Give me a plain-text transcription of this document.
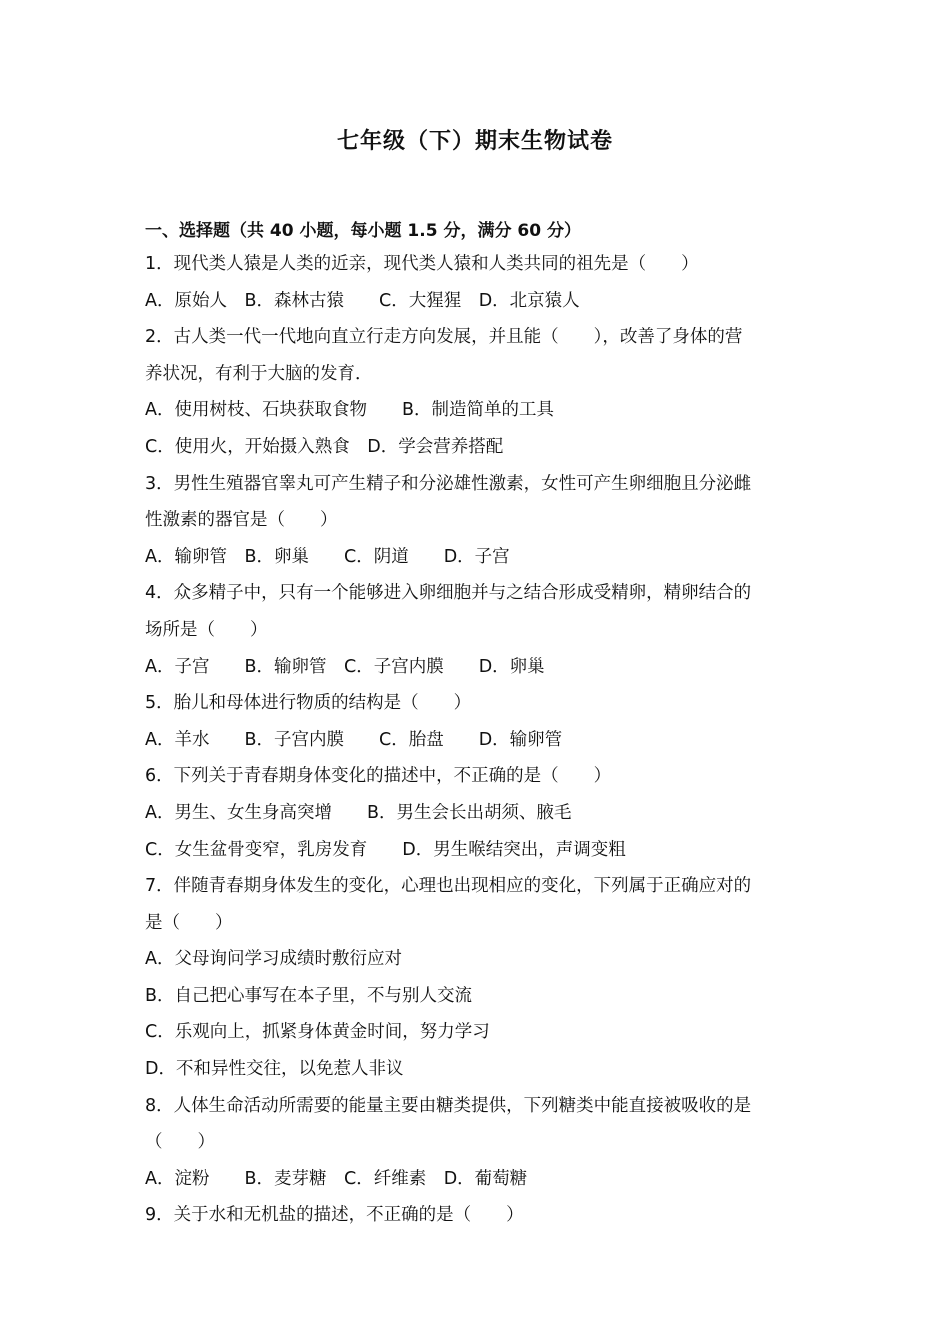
七年级（下）期末生物试卷
一、选择题（共 40 小题，每小题 1.5 分，满分 60 分）
1．现代类人猿是人类的近亲，现代类人猿和人类共同的祖先是（　　）
A．原始人　B．森林古猿　　C．大猩猩　D．北京猿人
2．古人类一代一代地向直立行走方向发展，并且能（　　），改善了身体的营
养状况，有利于大脑的发育．
A．使用树枝、石块获取食物　　B．制造简单的工具
C．使用火，开始摄入熟食　D．学会营养搭配
3．男性生殖器官睾丸可产生精子和分泌雄性激素，女性可产生卵细胞且分泌雌
性激素的器官是（　　）
A．输卵管　B．卵巢　　C．阴道　　D．子宫
4．众多精子中，只有一个能够进入卵细胞并与之结合形成受精卵，精卵结合的
场所是（　　）
A．子宫　　B．输卵管　C．子宫内膜　　D．卵巢
5．胎儿和母体进行物质的结构是（　　）
A．羊水　　B．子宫内膜　　C．胎盘　　D．输卵管
6．下列关于青春期身体变化的描述中，不正确的是（　　）
A．男生、女生身高突增　　B．男生会长出胡须、腋毛
C．女生盆骨变窄，乳房发育　　D．男生喉结突出，声调变粗
7．伴随青春期身体发生的变化，心理也出现相应的变化，下列属于正确应对的
是（　　）
A．父母询问学习成绩时敷衍应对
B．自己把心事写在本子里，不与别人交流
C．乐观向上，抓紧身体黄金时间，努力学习
D．不和异性交往，以免惹人非议
8．人体生命活动所需要的能量主要由糖类提供，下列糖类中能直接被吸收的是
（　　）
A．淀粉　　B．麦芽糖　C．纤维素　D．葡萄糖
9．关于水和无机盐的描述，不正确的是（　　）
